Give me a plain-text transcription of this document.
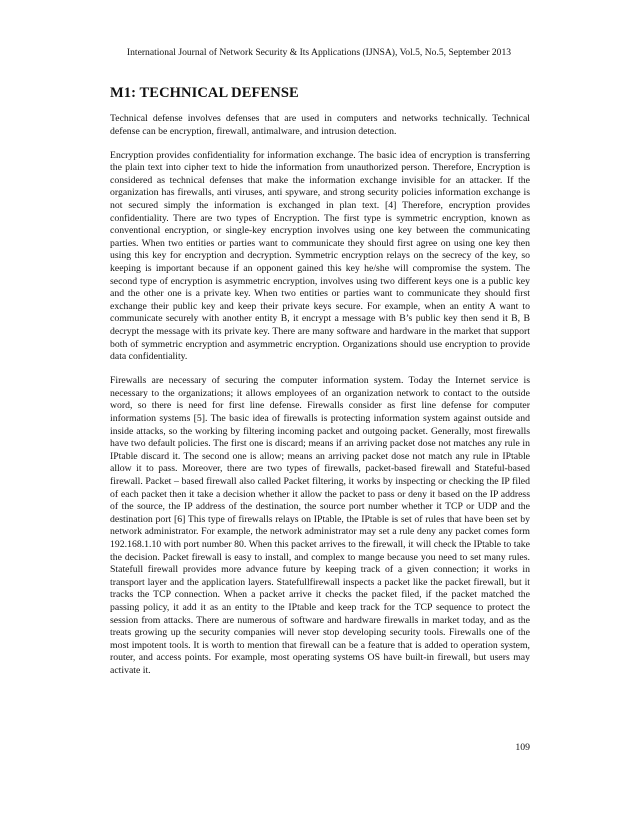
International Journal of Network Security & Its Applications (IJNSA), Vol.5, No.5, September 2013
M1: TECHNICAL DEFENSE

Technical defense involves defenses that are used in computers and networks technically. Technical defense can be encryption, firewall, antimalware, and intrusion detection.

Encryption provides confidentiality for information exchange. The basic idea of encryption is transferring the plain text into cipher text to hide the information from unauthorized person. Therefore, Encryption is considered as technical defenses that make the information exchange invisible for an attacker. If the organization has firewalls, anti viruses, anti spyware, and strong security policies information exchange is not secured simply the information is exchanged in plan text. [4] Therefore, encryption provides confidentiality. There are two types of Encryption. The first type is symmetric encryption, known as conventional encryption, or single-key encryption involves using one key between the communicating parties. When two entities or parties want to communicate they should first agree on using one key then using this key for encryption and decryption. Symmetric encryption relays on the secrecy of the key, so keeping is important because if an opponent gained this key he/she will compromise the system. The second type of encryption is asymmetric encryption, involves using two different keys one is a public key and the other one is a private key. When two entities or parties want to communicate they should first exchange their public key and keep their private keys secure. For example, when an entity A want to communicate securely with another entity B, it encrypt a message with B’s public key then send it B, B decrypt the message with its private key. There are many software and hardware in the market that support both of symmetric encryption and asymmetric encryption. Organizations should use encryption to provide data confidentiality.

Firewalls are necessary of securing the computer information system. Today the Internet service is necessary to the organizations; it allows employees of an organization network to contact to the outside word, so there is need for first line defense. Firewalls consider as first line defense for computer information systems [5]. The basic idea of firewalls is protecting information system against outside and inside attacks, so the working by filtering incoming packet and outgoing packet. Generally, most firewalls have two default policies. The first one is discard; means if an arriving packet dose not matches any rule in IPtable discard it. The second one is allow; means an arriving packet dose not match any rule in IPtable allow it to pass. Moreover, there are two types of firewalls, packet-based firewall and Stateful-based firewall. Packet – based firewall also called Packet filtering, it works by inspecting or checking the IP filed of each packet then it take a decision whether it allow the packet to pass or deny it based on the IP address of the source, the IP address of the destination, the source port number whether it TCP or UDP and the destination port [6] This type of firewalls relays on IPtable, the IPtable is set of rules that have been set by network administrator. For example, the network administrator may set a rule deny any packet comes form 192.168.1.10 with port number 80. When this packet arrives to the firewall, it will check the IPtable to take the decision. Packet firewall is easy to install, and complex to mange because you need to set many rules. Statefull firewall provides more advance future by keeping track of a given connection; it works in transport layer and the application layers. Statefullfirewall inspects a packet like the packet firewall, but it tracks the TCP connection. When a packet arrive it checks the packet filed, if the packet matched the passing policy, it add it as an entity to the IPtable and keep track for the TCP sequence to protect the session from attacks. There are numerous of software and hardware firewalls in market today, and as the treats growing up the security companies will never stop developing security tools. Firewalls one of the most impotent tools. It is worth to mention that firewall can be a feature that is added to operation system, router, and access points. For example, most operating systems OS have built-in firewall, but users may activate it.

109
